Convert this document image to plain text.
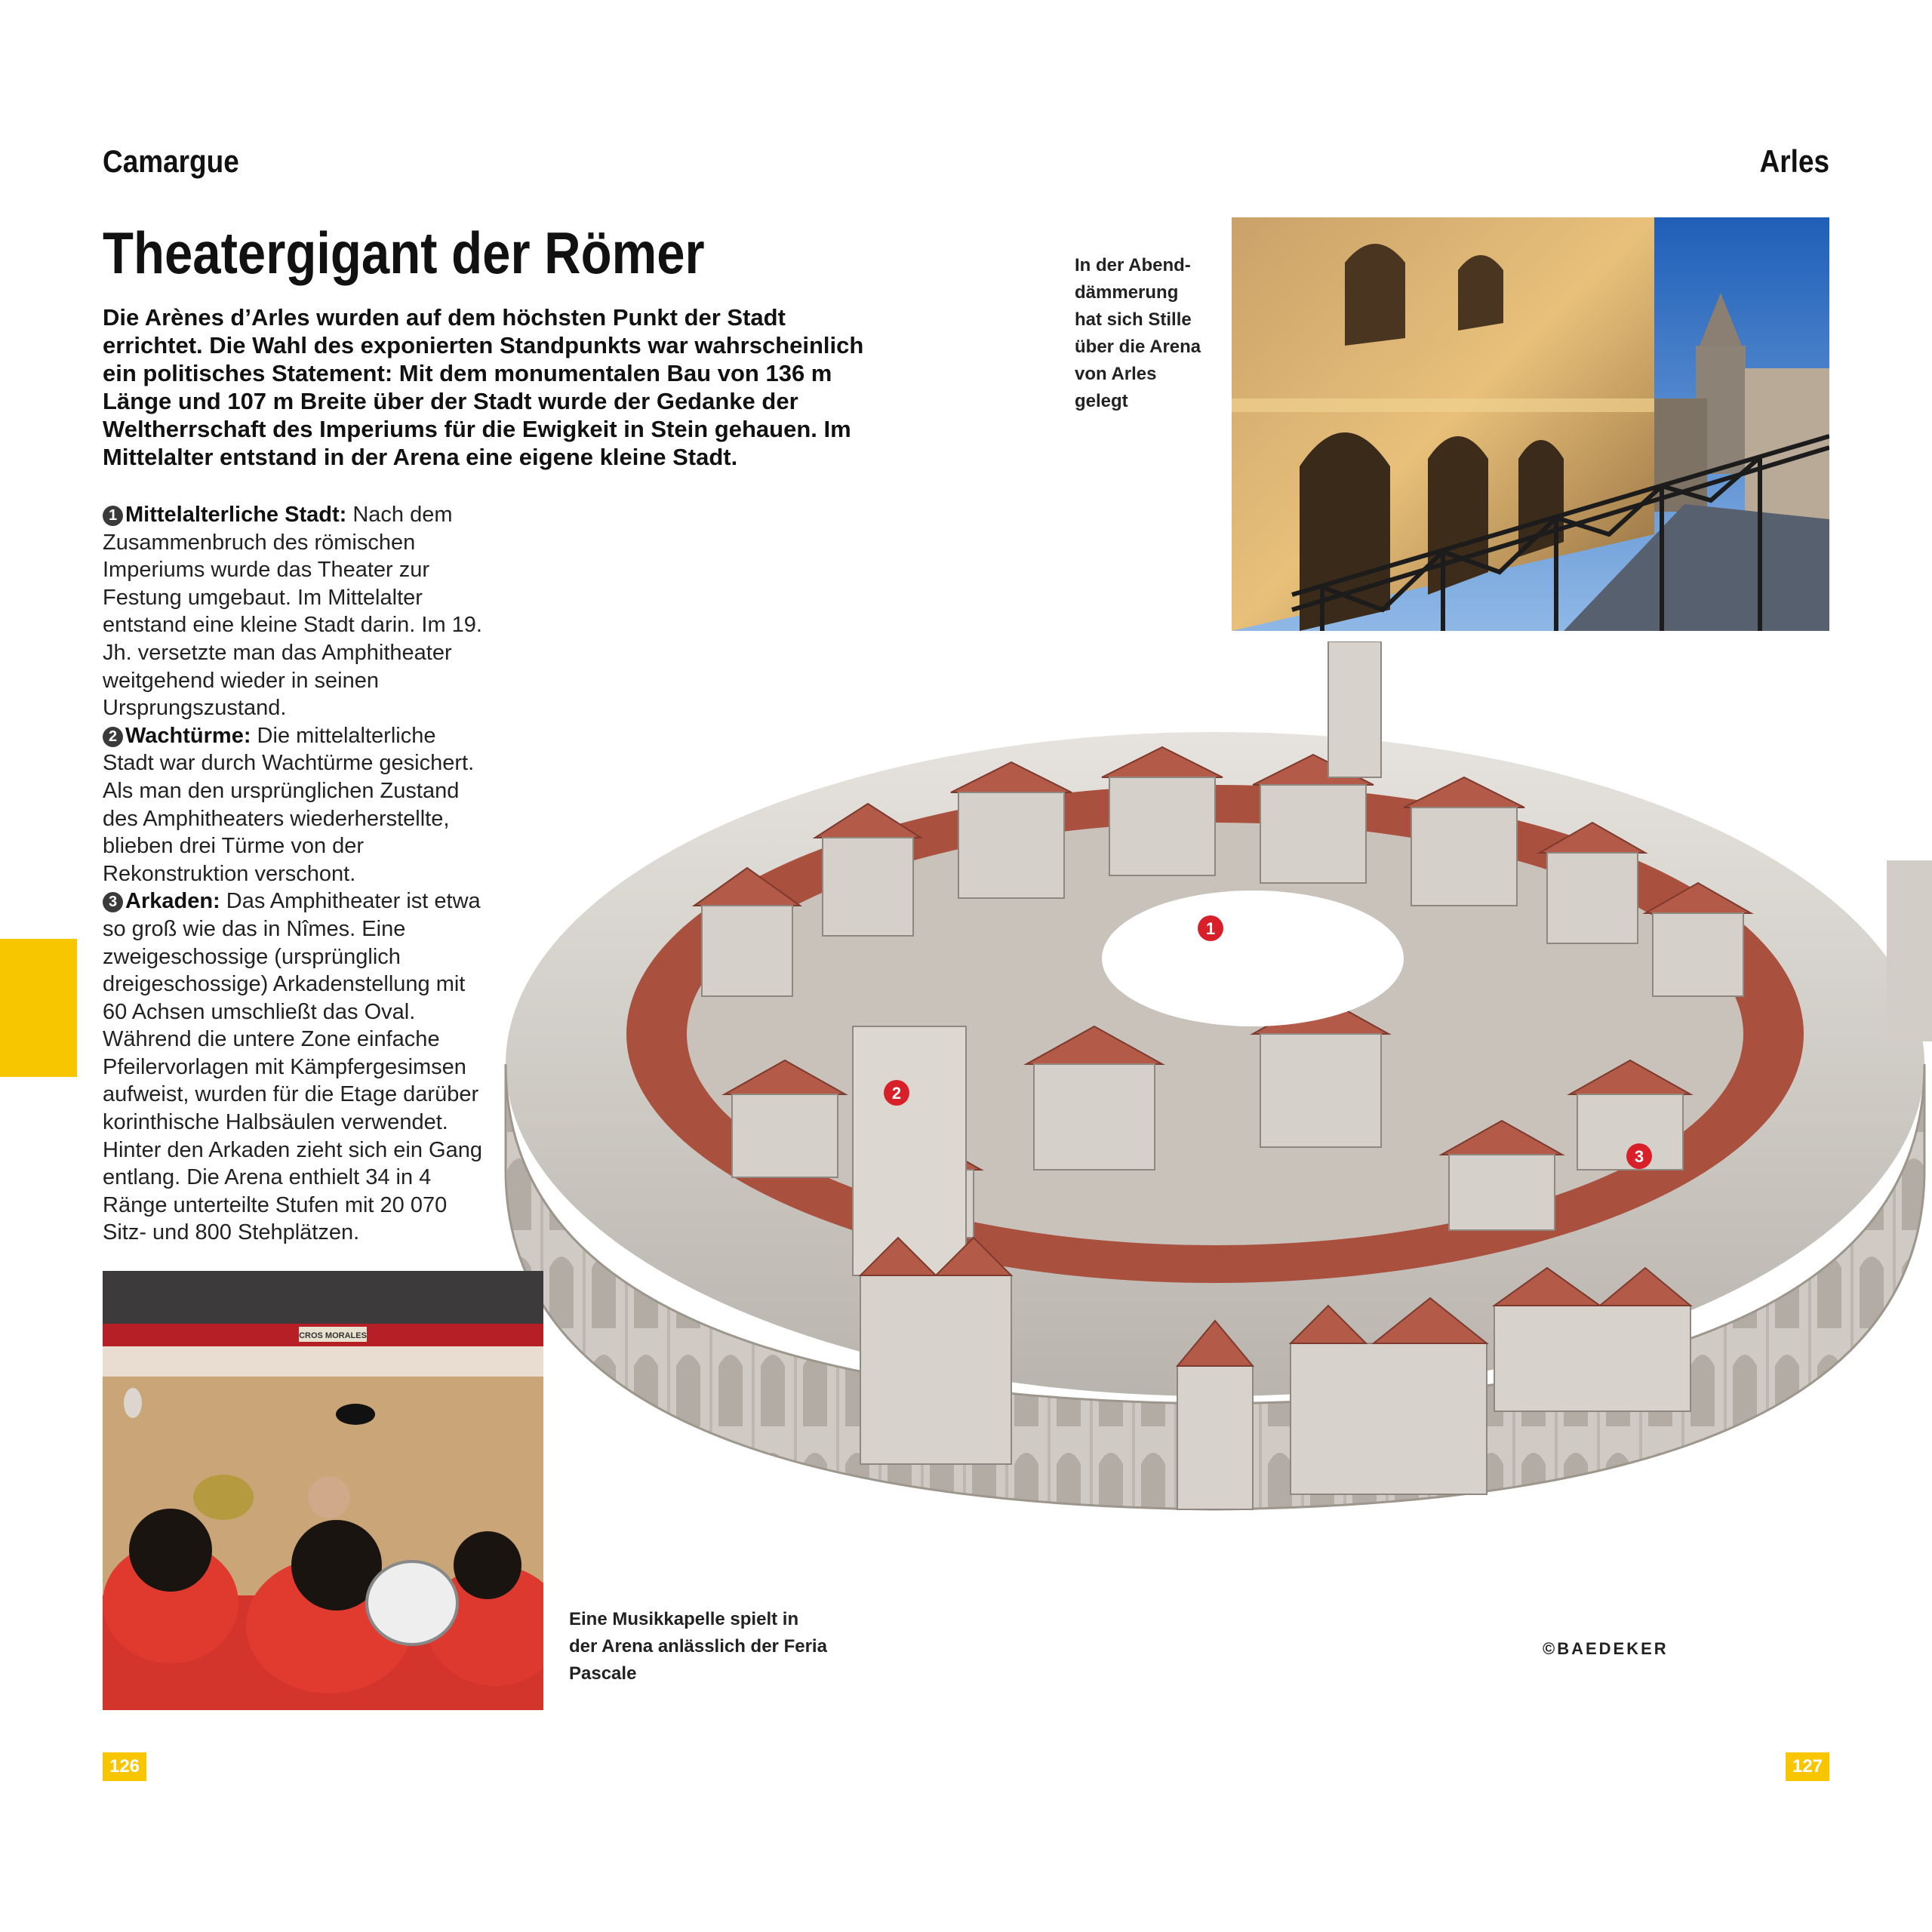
Camargue	Arles
Theatergigant der Römer
Die Arènes d’Arles wurden auf dem höchsten Punkt der Stadt errichtet. Die Wahl des exponierten Standpunkts war wahrscheinlich ein politisches Statement: Mit dem monumentalen Bau von 136 m Länge und 107 m Breite über der Stadt wurde der Gedanke der Weltherrschaft des Imperiums für die Ewigkeit in Stein gehauen. Im Mittelalter entstand in der Arena eine eigene kleine Stadt.

1 Mittelalterliche Stadt: Nach dem Zusammenbruch des römischen Imperiums wurde das Theater zur Festung umgebaut. Im Mittelalter entstand eine kleine Stadt darin. Im 19. Jh. versetzte man das Amphitheater weitgehend wieder in seinen Ursprungszustand.

2 Wachtürme: Die mittelalterliche Stadt war durch Wachtürme gesichert. Als man den ursprünglichen Zustand des Amphitheaters wiederherstellte, blieben drei Türme von der Rekonstruktion verschont.

3 Arkaden: Das Amphitheater ist etwa so groß wie das in Nîmes. Eine zweigeschossige (ursprünglich dreigeschossige) Arkadenstellung mit 60 Achsen umschließt das Oval. Während die untere Zone einfache Pfeilervorlagen mit Kämpfergesimsen aufweist, wurden für die Etage darüber korinthische Halbsäulen verwendet. Hinter den Arkaden zieht sich ein Gang entlang. Die Arena enthielt 34 in 4 Ränge unterteilte Stufen mit 20 070 Sitz- und 800 Stehplätzen.

In der Abend-
dämmerung
hat sich Stille
über die Arena
von Arles
gelegt
1
2
3
CROS MORALES
Eine Musikkapelle spielt in
der Arena anlässlich der Feria
Pascale
©BAEDEKER
126	127
